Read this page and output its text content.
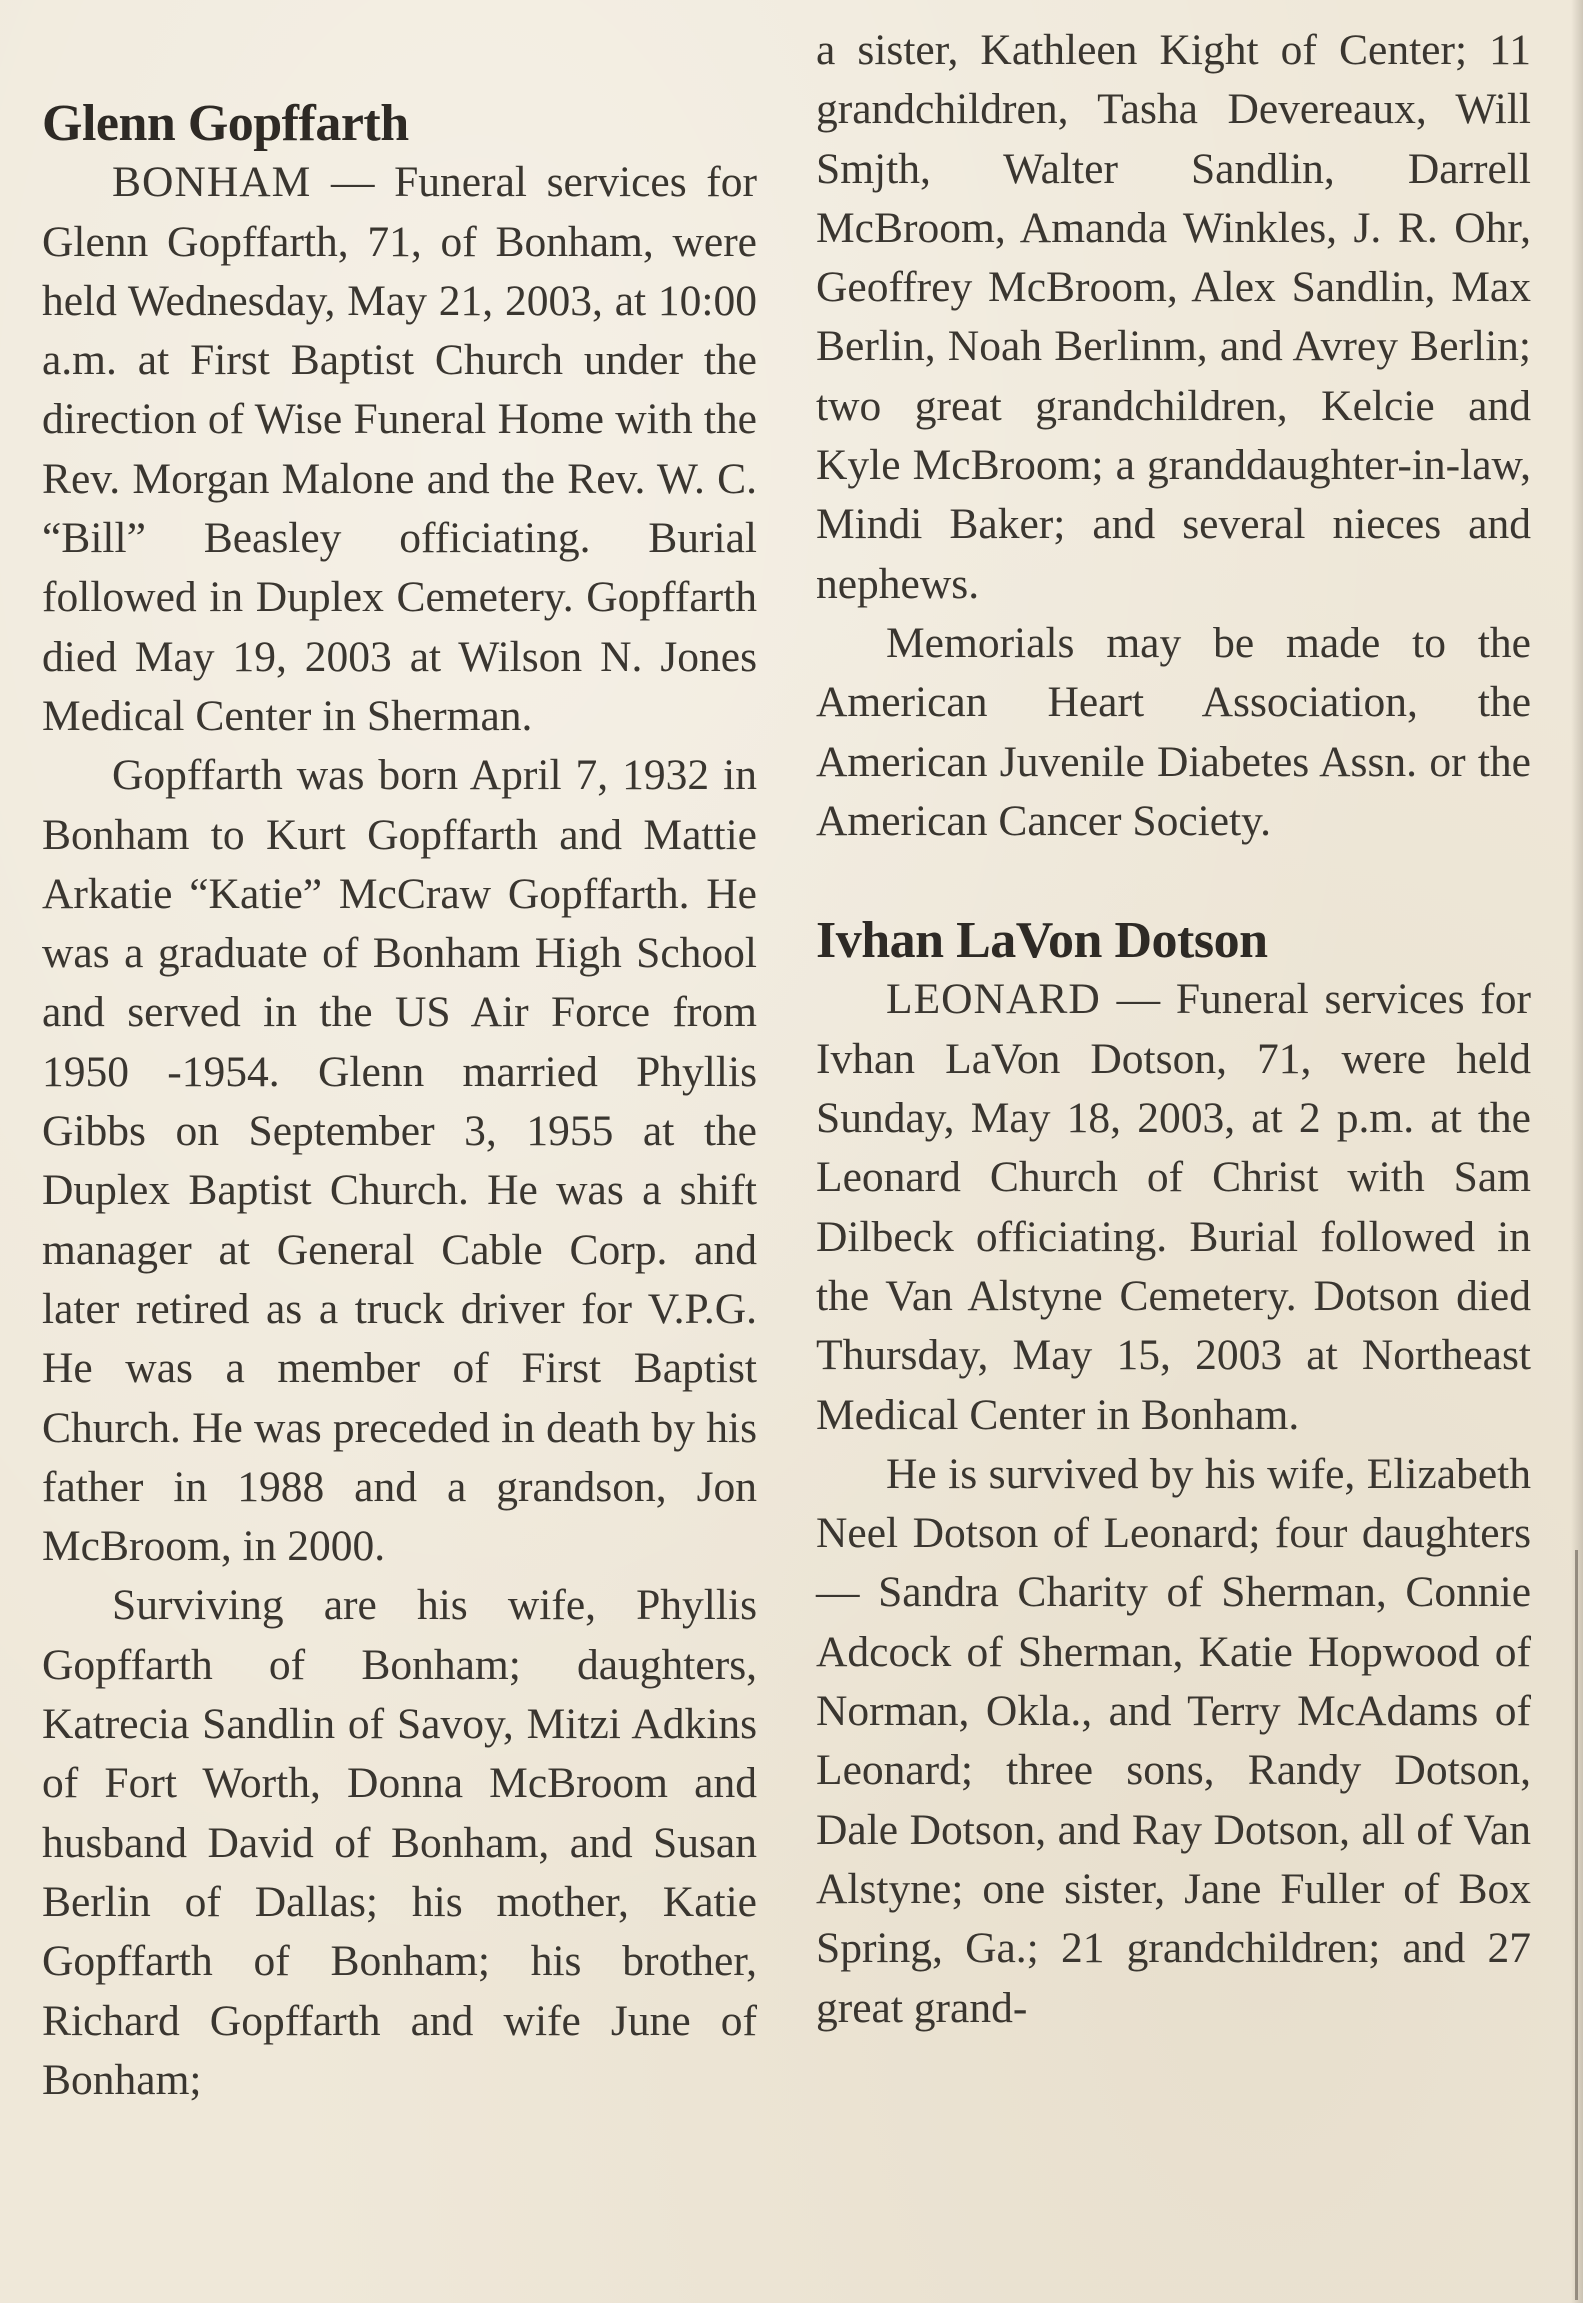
Glenn Gopffarth

BONHAM — Funeral services for Glenn Gopffarth, 71, of Bonham, were held Wednesday, May 21, 2003, at 10:00 a.m. at First Baptist Church under the direction of Wise Funeral Home with the Rev. Morgan Malone and the Rev. W. C. “Bill” Beasley officiating. Burial followed in Duplex Cemetery. Gopffarth died May 19, 2003 at Wilson N. Jones Medical Center in Sherman.

Gopffarth was born April 7, 1932 in Bonham to Kurt Gopffarth and Mattie Arkatie “Katie” McCraw Gopffarth. He was a graduate of Bonham High School and served in the US Air Force from 1950 -1954. Glenn married Phyllis Gibbs on September 3, 1955 at the Duplex Baptist Church. He was a shift manager at General Cable Corp. and later retired as a truck driver for V.P.G. He was a member of First Baptist Church. He was preceded in death by his father in 1988 and a grandson, Jon McBroom, in 2000.

Surviving are his wife, Phyllis Gopffarth of Bonham; daughters, Katrecia Sandlin of Savoy, Mitzi Adkins of Fort Worth, Donna McBroom and husband David of Bonham, and Susan Berlin of Dallas; his mother, Katie Gopffarth of Bonham; his brother, Richard Gopffarth and wife June of Bonham;

a sister, Kathleen Kight of Center; 11 grandchildren, Tasha Devereaux, Will Smjth, Walter Sandlin, Darrell McBroom, Amanda Winkles, J. R. Ohr, Geoffrey McBroom, Alex Sandlin, Max Berlin, Noah Berlinm, and Avrey Berlin; two great grandchildren, Kelcie and Kyle McBroom; a granddaughter-in-law, Mindi Baker; and several nieces and nephews.

Memorials may be made to the American Heart Association, the American Juvenile Diabetes Assn. or the American Cancer Society.

Ivhan LaVon Dotson

LEONARD — Funeral services for Ivhan LaVon Dotson, 71, were held Sunday, May 18, 2003, at 2 p.m. at the Leonard Church of Christ with Sam Dilbeck officiating. Burial followed in the Van Alstyne Cemetery. Dotson died Thursday, May 15, 2003 at Northeast Medical Center in Bonham.

He is survived by his wife, Elizabeth Neel Dotson of Leonard; four daughters — Sandra Charity of Sherman, Connie Adcock of Sherman, Katie Hopwood of Norman, Okla., and Terry McAdams of Leonard; three sons, Randy Dotson, Dale Dotson, and Ray Dotson, all of Van Alstyne; one sister, Jane Fuller of Box Spring, Ga.; 21 grandchildren; and 27 great grand-
